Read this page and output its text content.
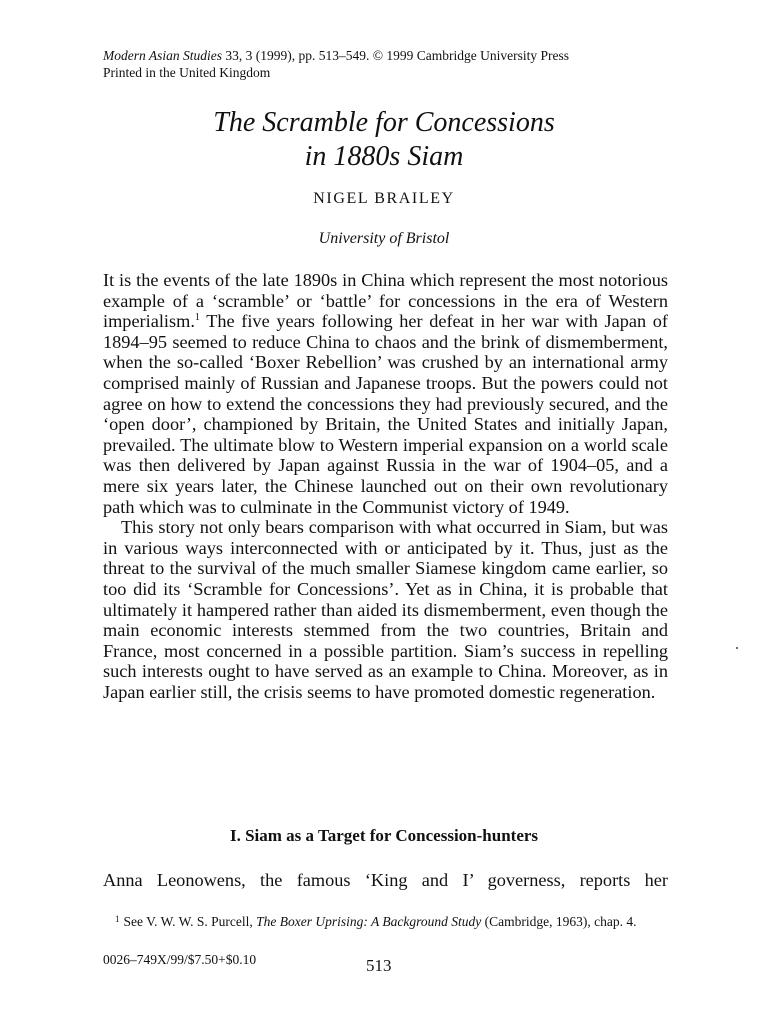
Modern Asian Studies 33, 3 (1999), pp. 513–549. © 1999 Cambridge University Press
Printed in the United Kingdom
The Scramble for Concessions
in 1880s Siam
NIGEL BRAILEY
University of Bristol

It is the events of the late 1890s in China which represent the most notorious example of a ‘scramble’ or ‘battle’ for concessions in the era of Western imperialism.$^1$ The five years following her defeat in her war with Japan of 1894–95 seemed to reduce China to chaos and the brink of dismemberment, when the so-called ‘Boxer Rebellion’ was crushed by an international army comprised mainly of Russian and Japanese troops. But the powers could not agree on how to extend the concessions they had previously secured, and the ‘open door’, championed by Britain, the United States and initially Japan, prevailed. The ultimate blow to Western imperial expansion on a world scale was then delivered by Japan against Russia in the war of 1904–05, and a mere six years later, the Chinese launched out on their own revolutionary path which was to culminate in the Communist victory of 1949.

This story not only bears comparison with what occurred in Siam, but was in various ways interconnected with or anticipated by it. Thus, just as the threat to the survival of the much smaller Siamese kingdom came earlier, so too did its ‘Scramble for Concessions’. Yet as in China, it is probable that ultimately it hampered rather than aided its dismemberment, even though the main economic interests stemmed from the two countries, Britain and France, most concerned in a possible partition. Siam’s success in repelling such interests ought to have served as an example to China. Moreover, as in Japan earlier still, the crisis seems to have promoted domestic regeneration.

I. Siam as a Target for Concession-hunters
Anna Leonowens, the famous ‘King and I’ governess, reports her
$^1$ See V. W. W. S. Purcell, The Boxer Uprising: A Background Study (Cambridge, 1963), chap. 4.
0026–749X/99/$7.50+$0.10	513
